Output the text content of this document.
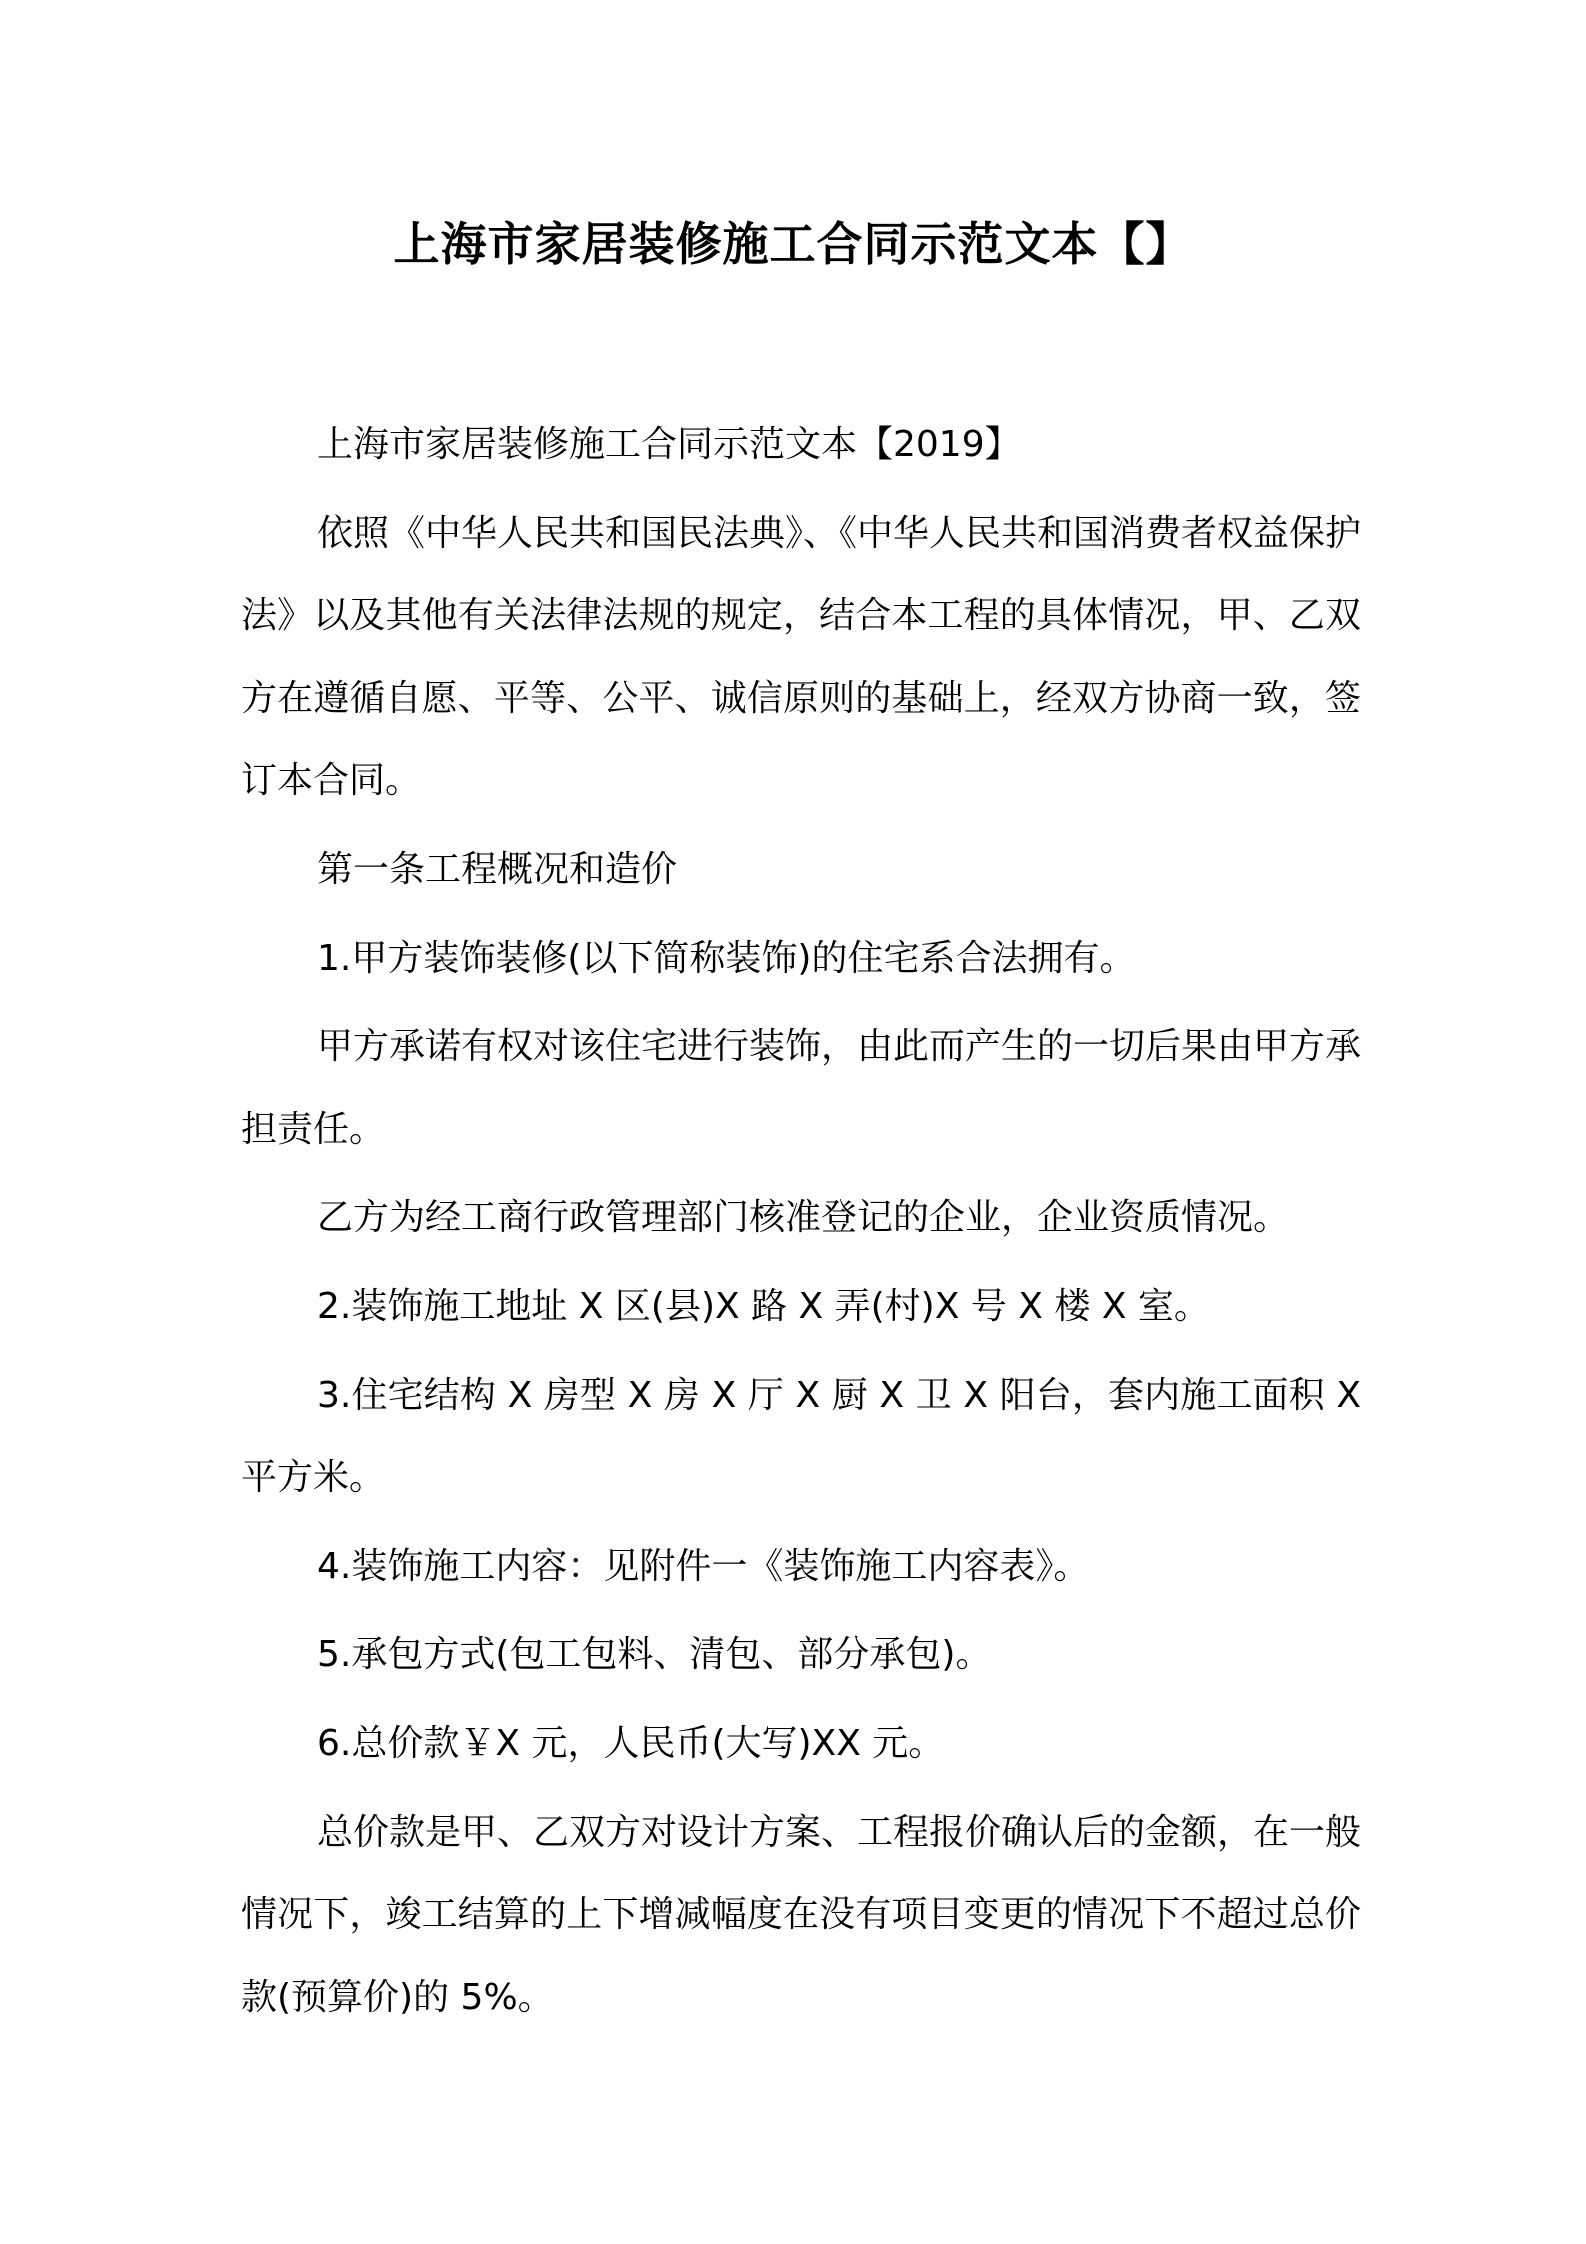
上海市家居装修施工合同示范文本【】

上海市家居装修施工合同示范文本【2019】

依照《中华人民共和国民法典》、《中华人民共和国消费者权益保护法》以及其他有关法律法规的规定，结合本工程的具体情况，甲、乙双方在遵循自愿、平等、公平、诚信原则的基础上，经双方协商一致，签订本合同。

第一条工程概况和造价

1.甲方装饰装修(以下简称装饰)的住宅系合法拥有。

甲方承诺有权对该住宅进行装饰，由此而产生的一切后果由甲方承担责任。

乙方为经工商行政管理部门核准登记的企业，企业资质情况。

2.装饰施工地址 X 区(县)X 路 X 弄(村)X 号 X 楼 X 室。

3.住宅结构 X 房型 X 房 X 厅 X 厨 X 卫 X 阳台，套内施工面积 X 平方米。

4.装饰施工内容：见附件一《装饰施工内容表》。

5.承包方式(包工包料、清包、部分承包)。

6.总价款￥X 元，人民币(大写)XX 元。

总价款是甲、乙双方对设计方案、工程报价确认后的金额，在一般情况下，竣工结算的上下增减幅度在没有项目变更的情况下不超过总价款(预算价)的 5%。
